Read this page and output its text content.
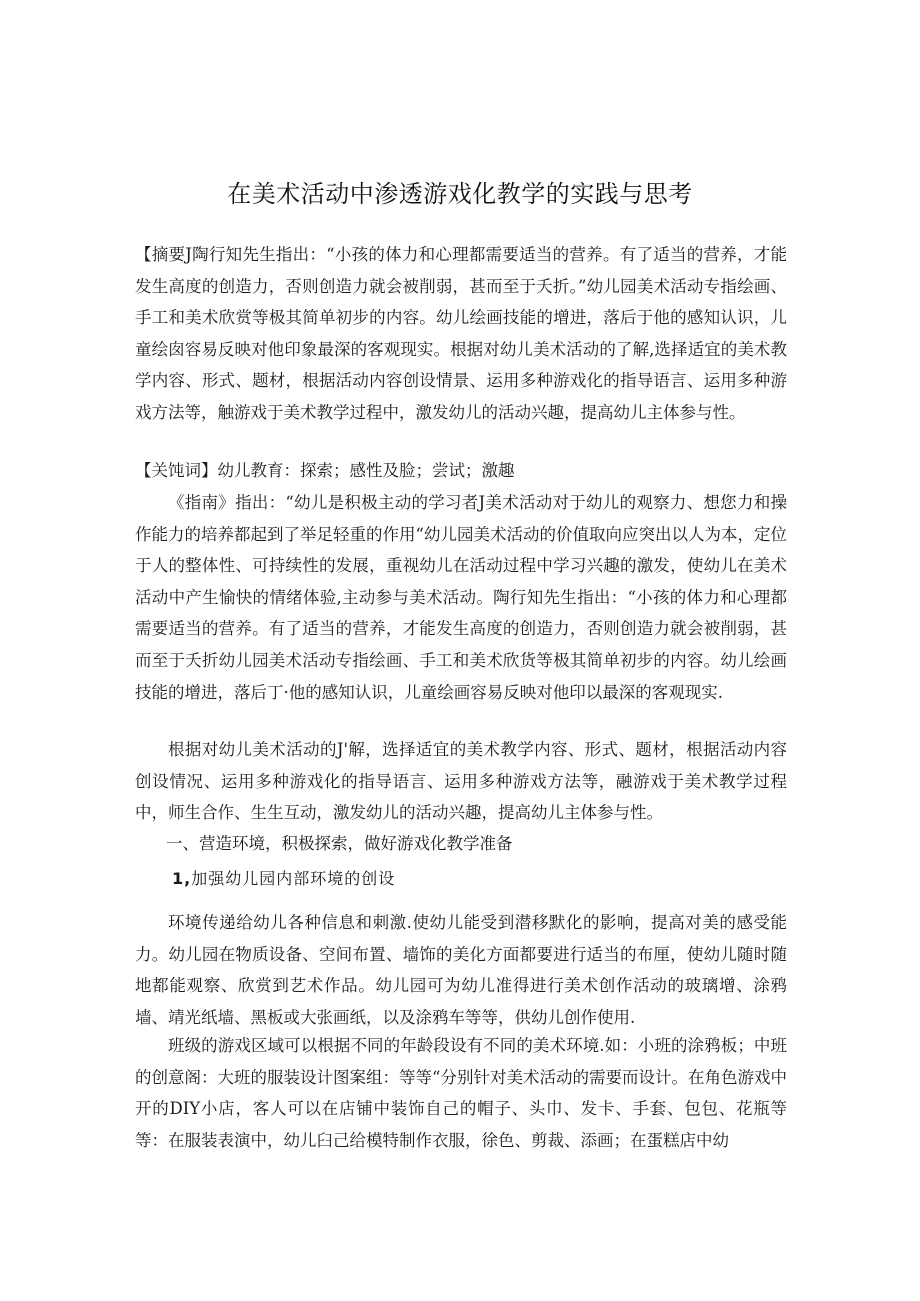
在美术活动中渗透游戏化教学的实践与思考

【摘要J陶行知先生指出：“小孩的体力和心理都需要适当的营养。有了适当的营养，才能发生高度的创造力，否则创造力就会被削弱，甚而至于夭折。”幼儿园美术活动专指绘画、手工和美术欣赏等极其简单初步的内容。幼儿绘画技能的增进，落后于他的感知认识，儿童绘囱容易反映对他印象最深的客观现实。根据对幼儿美术活动的了解,选择适宜的美术教学内容、形式、题材，根据活动内容创设情景、运用多种游戏化的指导语言、运用多种游戏方法等，触游戏于美术教学过程中，激发幼儿的活动兴趣，提高幼儿主体参与性。

【关饨词】幼儿教育：探索；感性及脸；尝试；激趣

《指南》指出：“幼儿是积极主动的学习者J美术活动对于幼儿的观察力、想您力和操作能力的培养都起到了举足轻重的作用“幼儿园美术活动的价值取向应突出以人为本，定位于人的整体性、可持续性的发展，重视幼儿在活动过程中学习兴趣的激发，使幼儿在美术活动中产生愉快的情绪体验,主动参与美术活动。陶行知先生指出：“小孩的体力和心理都需要适当的营养。有了适当的营养，才能发生高度的创造力，否则创造力就会被削弱，甚而至于夭折幼儿园美术活动专指绘画、手工和美术欣货等极其简单初步的内容。幼儿绘画技能的增进，落后丁·他的感知认识，儿童绘画容易反映对他印以最深的客观现实.

根据对幼儿美术活动的J'解，选择适宜的美术教学内容、形式、题材，根据活动内容创设情况、运用多种游戏化的指导语言、运用多种游戏方法等，融游戏于美术教学过程中，师生合作、生生互动，激发幼儿的活动兴趣，提高幼儿主体参与性。

一、营造环境，积极探索，做好游戏化教学准备
1,加强幼儿园内部环境的创设

环境传递给幼儿各种信息和刺激.使幼儿能受到潜移默化的影响，提高对美的感受能力。幼儿园在物质设备、空间布置、墙饰的美化方面都要进行适当的布厘，使幼儿随时随地都能观察、欣赏到艺术作品。幼儿园可为幼儿准得进行美术创作活动的玻璃增、涂鸦墙、靖光纸墙、黑板或大张画纸，以及涂鸦车等等，供幼儿创作使用.

班级的游戏区域可以根据不同的年龄段设有不同的美术环境.如：小班的涂鸦板；中班的创意阁：大班的服装设计图案组：等等“分别针对美术活动的需要而设计。在角色游戏中开的DIY小店，客人可以在店铺中装饰自己的帽子、头巾、发卡、手套、包包、花瓶等等：在服装表演中，幼儿臼己给模特制作衣服，徐色、剪裁、添画；在蛋糕店中幼
